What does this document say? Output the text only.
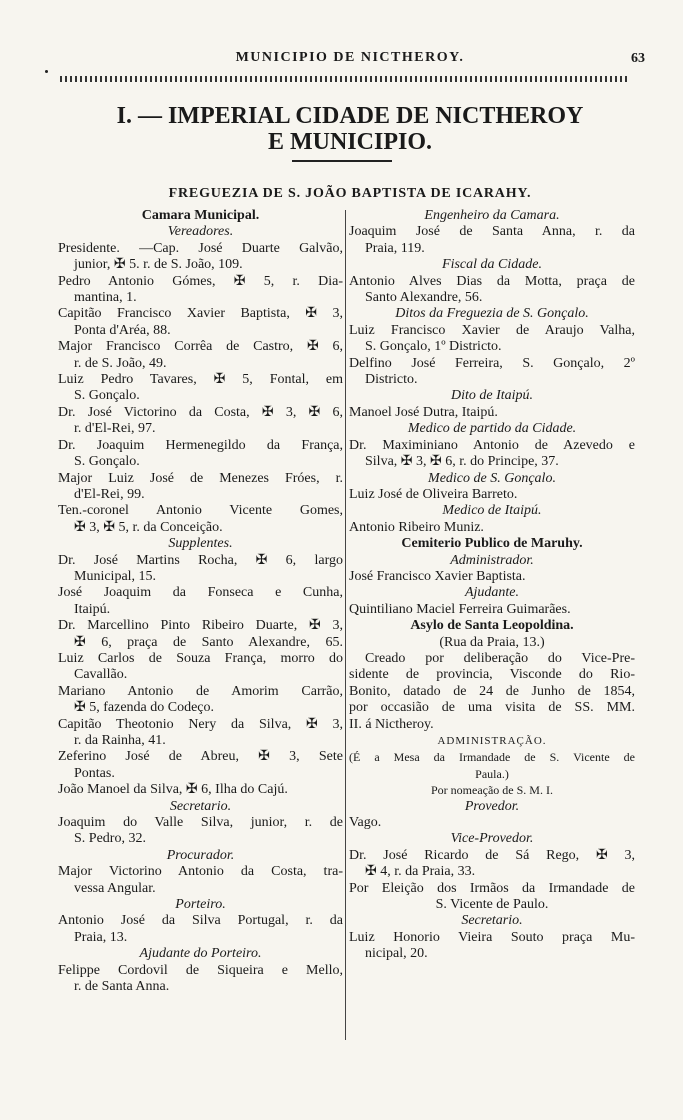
MUNICIPIO DE NICTHEROY.	63
I. — IMPERIAL CIDADE DE NICTHEROY
E MUNICIPIO.
FREGUEZIA DE S. JOÃO BAPTISTA DE ICARAHY.
Camara Municipal.
Vereadores.
Presidente. —Cap. José Duarte Galvão,
junior, ✠ 5. r. de S. João, 109.
Pedro Antonio Gómes, ✠ 5, r. Dia-
mantina, 1.
Capitão Francisco Xavier Baptista, ✠ 3,
Ponta d'Aréa, 88.
Major Francisco Corrêa de Castro, ✠ 6,
r. de S. João, 49.
Luiz Pedro Tavares, ✠ 5, Fontal, em
S. Gonçalo.
Dr. José Victorino da Costa, ✠ 3, ✠ 6,
r. d'El-Rei, 97.
Dr. Joaquim Hermenegildo da França,
S. Gonçalo.
Major Luiz José de Menezes Fróes, r.
d'El-Rei, 99.
Ten.-coronel Antonio Vicente Gomes,
✠ 3, ✠ 5, r. da Conceição.
Supplentes.
Dr. José Martins Rocha, ✠ 6, largo
Municipal, 15.
José Joaquim da Fonseca e Cunha,
Itaipú.
Dr. Marcellino Pinto Ribeiro Duarte, ✠ 3,
✠ 6, praça de Santo Alexandre, 65.
Luiz Carlos de Souza França, morro do
Cavallão.
Mariano Antonio de Amorim Carrão,
✠ 5, fazenda do Codeço.
Capitão Theotonio Nery da Silva, ✠ 3,
r. da Rainha, 41.
Zeferino José de Abreu, ✠ 3, Sete
Pontas.
João Manoel da Silva, ✠ 6, Ilha do Cajú.
Secretario.
Joaquim do Valle Silva, junior, r. de
S. Pedro, 32.
Procurador.
Major Victorino Antonio da Costa, tra-
vessa Angular.
Porteiro.
Antonio José da Silva Portugal, r. da
Praia, 13.
Ajudante do Porteiro.
Felippe Cordovil de Siqueira e Mello,
r. de Santa Anna.
Engenheiro da Camara.
Joaquim José de Santa Anna, r. da
Praia, 119.
Fiscal da Cidade.
Antonio Alves Dias da Motta, praça de
Santo Alexandre, 56.
Ditos da Freguezia de S. Gonçalo.
Luiz Francisco Xavier de Araujo Valha,
S. Gonçalo, 1º Districto.
Delfino José Ferreira, S. Gonçalo, 2º
Districto.
Dito de Itaipú.
Manoel José Dutra, Itaipú.
Medico de partido da Cidade.
Dr. Maximiniano Antonio de Azevedo e
Silva, ✠ 3, ✠ 6, r. do Principe, 37.
Medico de S. Gonçalo.
Luiz José de Oliveira Barreto.
Medico de Itaipú.
Antonio Ribeiro Muniz.
Cemiterio Publico de Maruhy.
Administrador.
José Francisco Xavier Baptista.
Ajudante.
Quintiliano Maciel Ferreira Guimarães.
Asylo de Santa Leopoldina.
(Rua da Praia, 13.)
Creado por deliberação do Vice-Pre-
sidente de provincia, Visconde do Rio-
Bonito, datado de 24 de Junho de 1854,
por occasião de uma visita de SS. MM.
II. á Nictheroy.
ADMINISTRAÇÃO.
(É a Mesa da Irmandade de S. Vicente de
Paula.)
Por nomeação de S. M. I.
Provedor.
Vago.
Vice-Provedor.
Dr. José Ricardo de Sá Rego, ✠ 3,
✠ 4, r. da Praia, 33.
Por Eleição dos Irmãos da Irmandade de
S. Vicente de Paulo.
Secretario.
Luiz Honorio Vieira Souto praça Mu-
nicipal, 20.
